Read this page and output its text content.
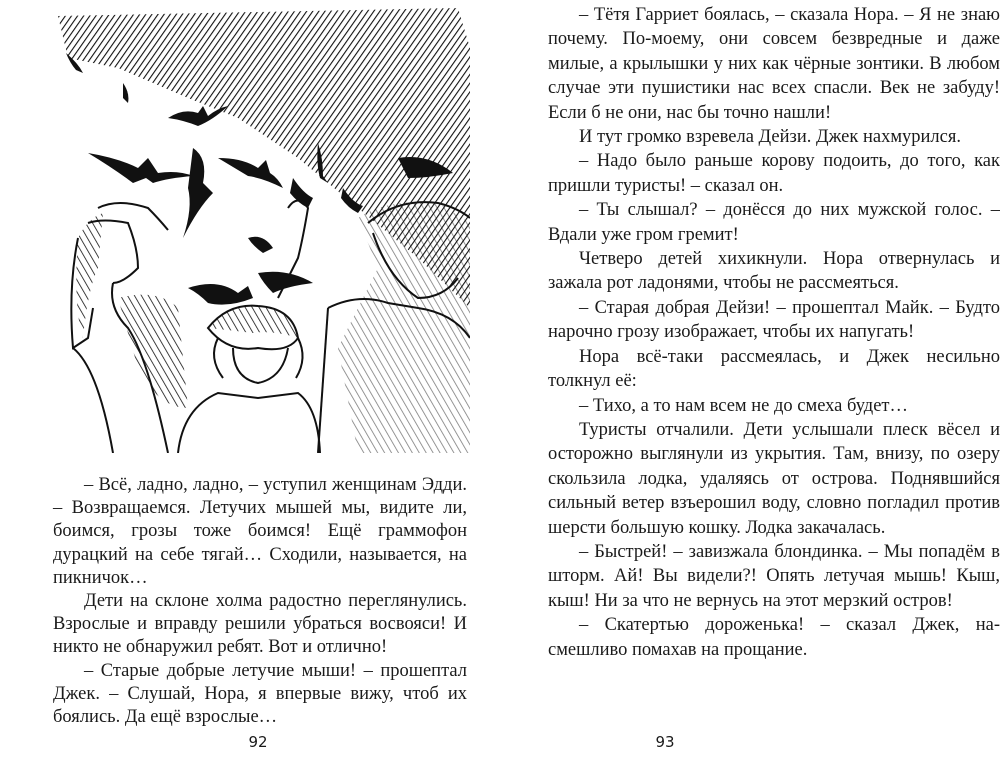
– Всё, ладно, ладно, – уступил женщинам Эдди. – Возвращаемся. Летучих мышей мы, видите ли, боимся, грозы тоже боимся! Ещё граммофон дурацкий на себе тягай… Сходили, называется, на пикничок…

Дети на склоне холма радостно переглянулись. Взрослые и вправду решили убраться восвояси! И никто не обнаружил ребят. Вот и отлично!

– Старые добрые летучие мыши! – прошептал Джек. – Слушай, Нора, я впервые вижу, чтоб их боялись. Да ещё взрослые…

92

– Тётя Гарриет боялась, – сказала Нора. – Я не знаю почему. По-моему, они совсем безвредные и даже милые, а крылышки у них как чёрные зонтики. В любом случае эти пушистики нас всех спасли. Век не забуду! Если б не они, нас бы точно нашли!

И тут громко взревела Дейзи. Джек нахмурился.

– Надо было раньше корову подоить, до того, как пришли туристы! – сказал он.

– Ты слышал? – донёсся до них мужской голос. – Вдали уже гром гремит!

Четверо детей хихикнули. Нора отвернулась и зажала рот ладонями, чтобы не рассмеяться.

– Старая добрая Дейзи! – прошептал Майк. – Будто нарочно грозу изображает, чтобы их напугать!

Нора всё-таки рассмеялась, и Джек несильно толкнул её:

– Тихо, а то нам всем не до смеха будет…

Туристы отчалили. Дети услышали плеск вёсел и осторожно выглянули из укрытия. Там, внизу, по озеру скользила лодка, удаляясь от острова. Поднявшийся сильный ветер взъерошил воду, словно погладил против шерсти большую кошку. Лодка закачалась.

– Быстрей! – завизжала блондинка. – Мы попадём в шторм. Ай! Вы видели?! Опять летучая мышь! Кыш, кыш! Ни за что не вернусь на этот мерзкий остров!

– Скатертью дороженька! – сказал Джек, насмешливо помахав на прощание.

93
